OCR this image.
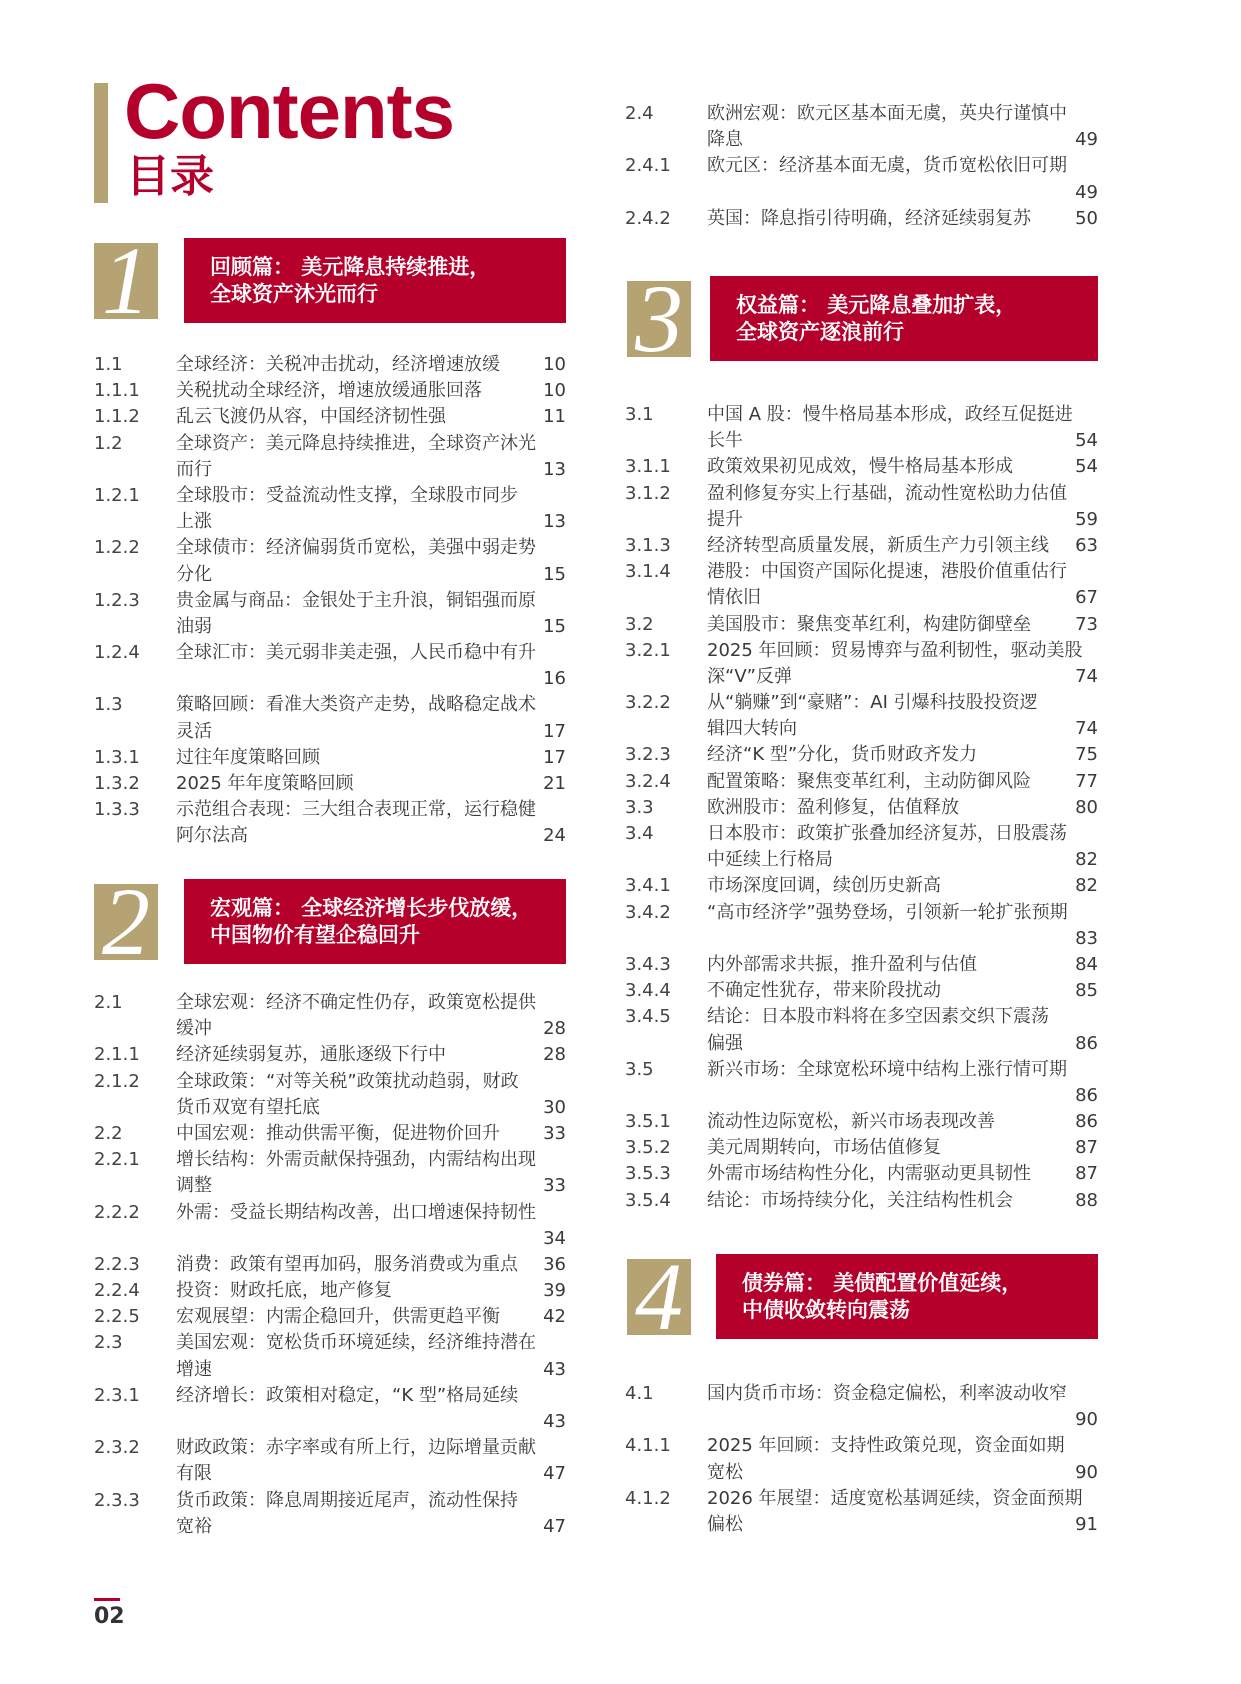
Contents
目录
1	回顾篇： 美元降息持续推进，
全球资产沐光而行
1.1	全球经济：关税冲击扰动，经济增速放缓 10
1.1.1 关税扰动全球经济，增速放缓通胀回落	10
1.1.2 乱云飞渡仍从容，中国经济韧性强	11
1.2	全球资产：美元降息持续推进，全球资产沐光
而行	13
1.2.1 全球股市：受益流动性支撑，全球股市同步
上涨	13
1.2.2 全球债市：经济偏弱货币宽松，美强中弱走势
分化	15
1.2.3 贵金属与商品：金银处于主升浪，铜铝强而原
油弱	15
1.2.4 全球汇市：美元弱非美走强，人民币稳中有升
16
1.3	策略回顾：看准大类资产走势，战略稳定战术
灵活	17
1.3.1 过往年度策略回顾	17
1.3.2 2025 年年度策略回顾	21
1.3.3 示范组合表现：三大组合表现正常，运行稳健
阿尔法高	24
2	宏观篇： 全球经济增长步伐放缓，
中国物价有望企稳回升
2.1	全球宏观：经济不确定性仍存，政策宽松提供
缓冲	28
2.1.1 经济延续弱复苏，通胀逐级下行中	28
2.1.2 全球政策：“对等关税”政策扰动趋弱，财政
货币双宽有望托底	30
2.2	中国宏观：推动供需平衡，促进物价回升 33
2.2.1 增长结构：外需贡献保持强劲，内需结构出现
调整	33
2.2.2 外需：受益长期结构改善，出口增速保持韧性
34
2.2.3 消费：政策有望再加码，服务消费或为重点 36
2.2.4 投资：财政托底，地产修复	39
2.2.5 宏观展望：内需企稳回升，供需更趋平衡 42
2.3	美国宏观：宽松货币环境延续，经济维持潜在
增速	43
2.3.1 经济增长：政策相对稳定，“K 型”格局延续
43
2.3.2 财政政策：赤字率或有所上行，边际增量贡献
有限	47
2.3.3 货币政策：降息周期接近尾声，流动性保持
宽裕	47
2.4	欧洲宏观：欧元区基本面无虞，英央行谨慎中
降息	49
2.4.1 欧元区：经济基本面无虞，货币宽松依旧可期
49
2.4.2 英国：降息指引待明确，经济延续弱复苏 50
3	权益篇： 美元降息叠加扩表，
全球资产逐浪前行
3.1	中国 A 股：慢牛格局基本形成，政经互促挺进
长牛	54
3.1.1 政策效果初见成效，慢牛格局基本形成	54
3.1.2 盈利修复夯实上行基础，流动性宽松助力估值
提升	59
3.1.3 经济转型高质量发展，新质生产力引领主线 63
3.1.4 港股：中国资产国际化提速，港股价值重估行
情依旧	67
3.2	美国股市：聚焦变革红利，构建防御壁垒 73
3.2.1 2025 年回顾：贸易博弈与盈利韧性，驱动美股
深“V”反弹	74
3.2.2 从“躺赚”到“豪赌”：AI 引爆科技股投资逻
辑四大转向	74
3.2.3 经济“K 型”分化，货币财政齐发力	75
3.2.4 配置策略：聚焦变革红利，主动防御风险 77
3.3	欧洲股市：盈利修复，估值释放	80
3.4	日本股市：政策扩张叠加经济复苏，日股震荡
中延续上行格局	82
3.4.1 市场深度回调，续创历史新高	82
3.4.2 “高市经济学”强势登场，引领新一轮扩张预期
83
3.4.3 内外部需求共振，推升盈利与估值	84
3.4.4 不确定性犹存，带来阶段扰动	85
3.4.5 结论：日本股市料将在多空因素交织下震荡
偏强	86
3.5	新兴市场：全球宽松环境中结构上涨行情可期
86
3.5.1 流动性边际宽松，新兴市场表现改善	86
3.5.2 美元周期转向，市场估值修复	87
3.5.3 外需市场结构性分化，内需驱动更具韧性 87
3.5.4 结论：市场持续分化，关注结构性机会	88
4	债券篇： 美债配置价值延续，
中债收敛转向震荡
4.1	国内货币市场：资金稳定偏松，利率波动收窄
90
4.1.1 2025 年回顾：支持性政策兑现，资金面如期
宽松	90
4.1.2 2026 年展望：适度宽松基调延续，资金面预期
偏松	91
02
